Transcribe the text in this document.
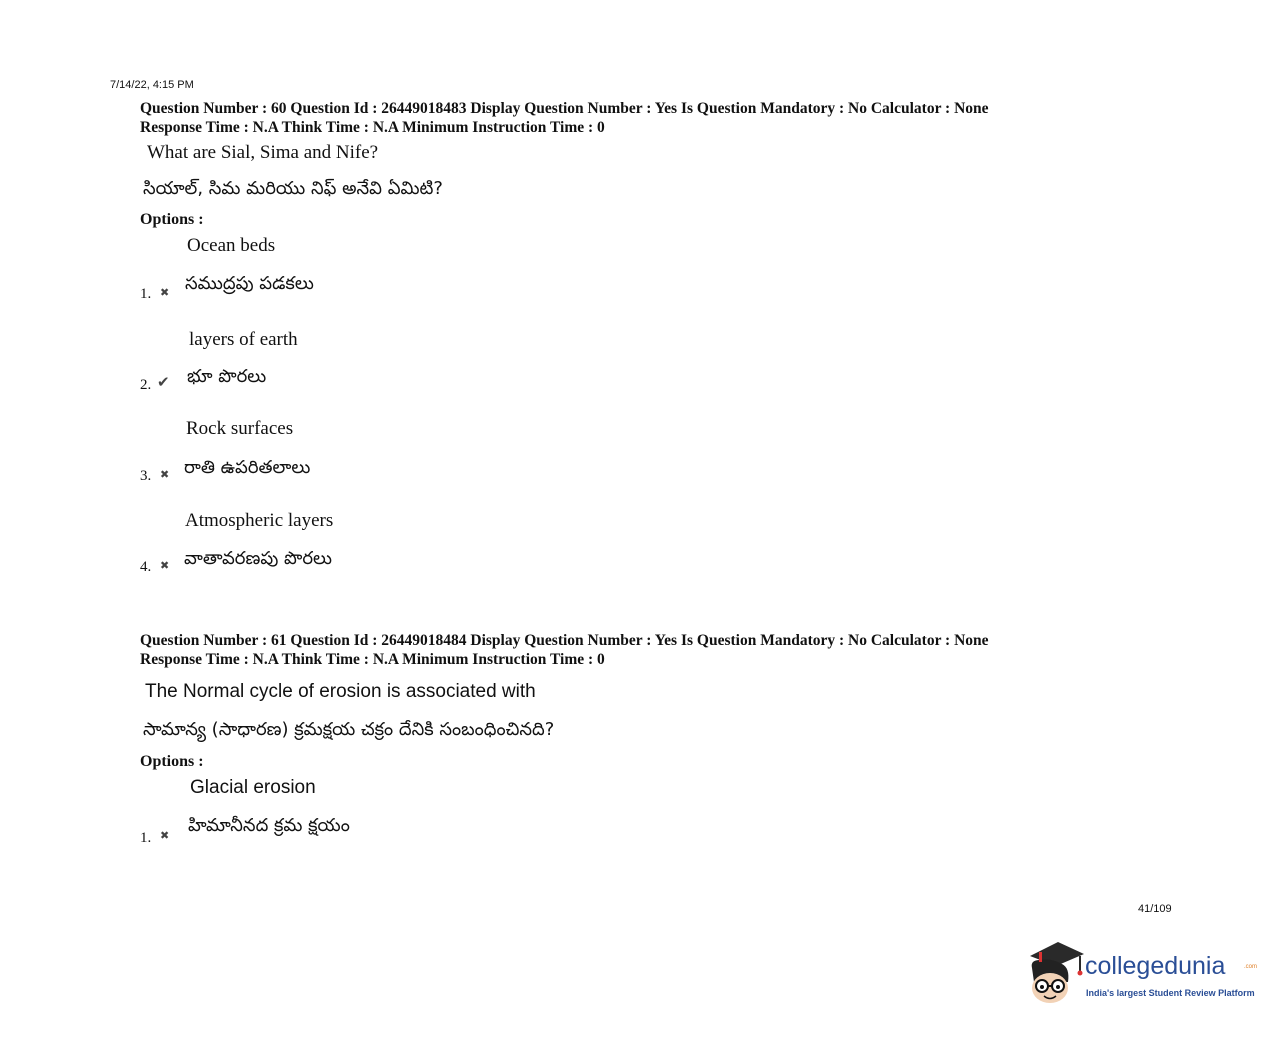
7/14/22, 4:15 PM
Question Number : 60 Question Id : 26449018483 Display Question Number : Yes Is Question Mandatory : No Calculator : None
Response Time : N.A Think Time : N.A Minimum Instruction Time : 0
What are Sial, Sima and Nife?
సియాల్, సిమ మరియు నిఫ్ అనేవి ఏమిటి?
Options :
Ocean beds
సముద్రపు పడకలు
1. ✖
layers of earth
భూ పొరలు
2. ✔
Rock surfaces
రాతి ఉపరితలాలు
3. ✖
Atmospheric layers
వాతావరణపు పొరలు
4. ✖
Question Number : 61 Question Id : 26449018484 Display Question Number : Yes Is Question Mandatory : No Calculator : None
Response Time : N.A Think Time : N.A Minimum Instruction Time : 0
The Normal cycle of erosion is associated with
సామాన్య (సాధారణ) క్రమక్షయ చక్రం దేనికి సంబంధించినది?
Options :
Glacial erosion
హిమానీనద క్రమ క్షయం
1. ✖
41/109
collegedunia	.com
India's largest Student Review Platform
